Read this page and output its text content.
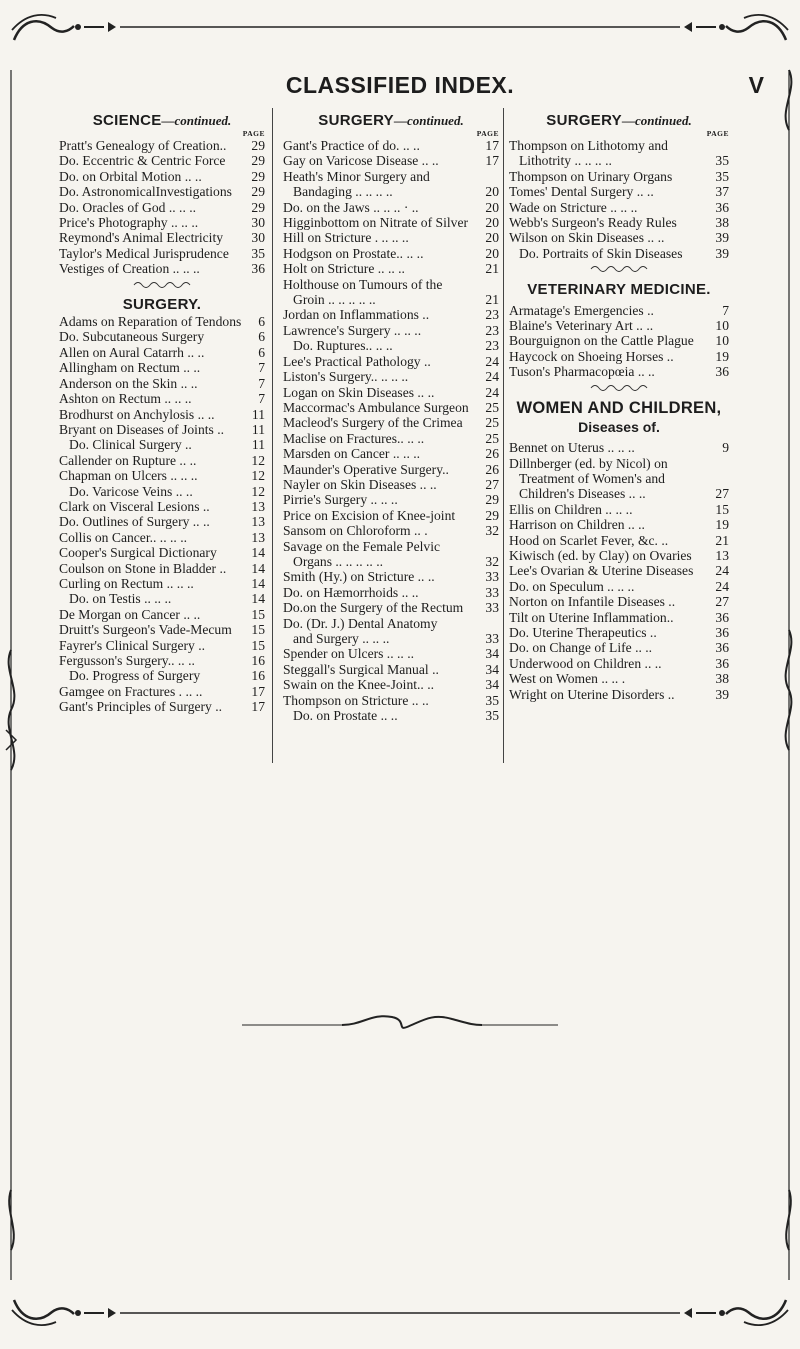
CLASSIFIED INDEX.	V
SCIENCE—continued.
PAGE
Pratt's Genealogy of Creation.. 29
Do. Eccentric & Centric Force 29
Do. on Orbital Motion .. ..	29
Do. AstronomicalInvestigations 29
Do. Oracles of God .. .. ..	29
Price's Photography .. .. ..	30
Reymond's Animal Electricity 30
Taylor's Medical Jurisprudence 35
Vestiges of Creation .. .. ..	36
SURGERY.
Adams on Reparation of Tendons 6
Do. Subcutaneous Surgery	6
Allen on Aural Catarrh .. ..	6
Allingham on Rectum .. ..	7
Anderson on the Skin .. ..	7
Ashton on Rectum .. .. ..	7
Brodhurst on Anchylosis .. ..	11
Bryant on Diseases of Joints .. 11
Do. Clinical Surgery ..	11
Callender on Rupture .. ..	12
Chapman on Ulcers .. .. ..	12
Do. Varicose Veins .. ..	12
Clark on Visceral Lesions ..	13
Do. Outlines of Surgery .. ..	13
Collis on Cancer.. .. .. ..	13
Cooper's Surgical Dictionary	14
Coulson on Stone in Bladder .. 14
Curling on Rectum .. .. ..	14
Do. on Testis .. .. ..	14
De Morgan on Cancer .. ..	15
Druitt's Surgeon's Vade-Mecum 15
Fayrer's Clinical Surgery ..	15
Fergusson's Surgery.. .. ..	16
Do. Progress of Surgery	16
Gamgee on Fractures . .. ..	17
Gant's Principles of Surgery .. 17
SURGERY—continued.
PAGE
Gant's Practice of do. .. ..	17
Gay on Varicose Disease .. ..	17
Heath's Minor Surgery and
Bandaging .. .. .. ..	20
Do. on the Jaws .. .. .. · ..	20
Higginbottom on Nitrate of Silver 20
Hill on Stricture . .. .. ..	20
Hodgson on Prostate.. .. ..	20
Holt on Stricture .. .. ..	21
Holthouse on Tumours of the
Groin .. .. .. .. ..	21
Jordan on Inflammations ..	23
Lawrence's Surgery .. .. ..	23
Do. Ruptures.. .. ..	23
Lee's Practical Pathology ..	24
Liston's Surgery.. .. .. ..	24
Logan on Skin Diseases .. ..	24
Maccormac's Ambulance Surgeon 25
Macleod's Surgery of the Crimea 25
Maclise on Fractures.. .. ..	25
Marsden on Cancer .. .. ..	26
Maunder's Operative Surgery..	26
Nayler on Skin Diseases .. ..	27
Pirrie's Surgery .. .. ..	29
Price on Excision of Knee-joint 29
Sansom on Chloroform .. .	32
Savage on the Female Pelvic
Organs .. .. .. .. ..	32
Smith (Hy.) on Stricture .. ..	33
Do. on Hæmorrhoids .. ..	33
Do.on the Surgery of the Rectum 33
Do. (Dr. J.) Dental Anatomy
and Surgery .. .. ..	33
Spender on Ulcers .. .. ..	34
Steggall's Surgical Manual ..	34
Swain on the Knee-Joint.. ..	34
Thompson on Stricture .. ..	35
Do. on Prostate .. ..	35
SURGERY—continued.
PAGE
Thompson on Lithotomy and
Lithotrity .. .. .. ..	35
Thompson on Urinary Organs	35
Tomes' Dental Surgery .. ..	37
Wade on Stricture .. .. ..	36
Webb's Surgeon's Ready Rules	38
Wilson on Skin Diseases .. ..	39
Do. Portraits of Skin Diseases 39
VETERINARY MEDICINE.
Armatage's Emergencies ..	7
Blaine's Veterinary Art .. ..	10
Bourguignon on the Cattle Plague 10
Haycock on Shoeing Horses ..	19
Tuson's Pharmacopœia .. ..	36
WOMEN AND CHILDREN,
Diseases of.
Bennet on Uterus .. .. ..	9
Dillnberger (ed. by Nicol) on
Treatment of Women's and
Children's Diseases .. ..	27
Ellis on Children .. .. ..	15
Harrison on Children .. ..	19
Hood on Scarlet Fever, &c. ..	21
Kiwisch (ed. by Clay) on Ovaries 13
Lee's Ovarian & Uterine Diseases 24
Do. on Speculum .. .. ..	24
Norton on Infantile Diseases ..	27
Tilt on Uterine Inflammation..	36
Do. Uterine Therapeutics ..	36
Do. on Change of Life .. ..	36
Underwood on Children .. ..	36
West on Women .. .. .	38
Wright on Uterine Disorders ..	39
